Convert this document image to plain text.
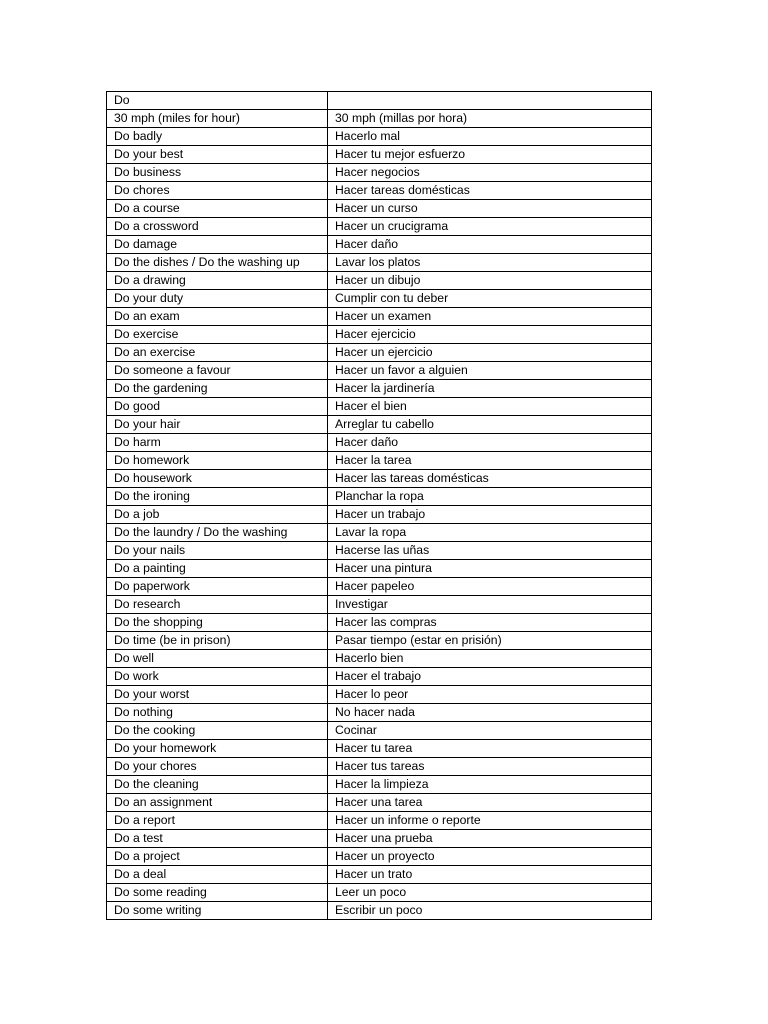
Do	
30 mph (miles for hour)	30 mph (millas por hora)
Do badly	Hacerlo mal
Do your best	Hacer tu mejor esfuerzo
Do business	Hacer negocios
Do chores	Hacer tareas domésticas
Do a course	Hacer un curso
Do a crossword	Hacer un crucigrama
Do damage	Hacer daño
Do the dishes / Do the washing up	Lavar los platos
Do a drawing	Hacer un dibujo
Do your duty	Cumplir con tu deber
Do an exam	Hacer un examen
Do exercise	Hacer ejercicio
Do an exercise	Hacer un ejercicio
Do someone a favour	Hacer un favor a alguien
Do the gardening	Hacer la jardinería
Do good	Hacer el bien
Do your hair	Arreglar tu cabello
Do harm	Hacer daño
Do homework	Hacer la tarea
Do housework	Hacer las tareas domésticas
Do the ironing	Planchar la ropa
Do a job	Hacer un trabajo
Do the laundry / Do the washing	Lavar la ropa
Do your nails	Hacerse las uñas
Do a painting	Hacer una pintura
Do paperwork	Hacer papeleo
Do research	Investigar
Do the shopping	Hacer las compras
Do time (be in prison)	Pasar tiempo (estar en prisión)
Do well	Hacerlo bien
Do work	Hacer el trabajo
Do your worst	Hacer lo peor
Do nothing	No hacer nada
Do the cooking	Cocinar
Do your homework	Hacer tu tarea
Do your chores	Hacer tus tareas
Do the cleaning	Hacer la limpieza
Do an assignment	Hacer una tarea
Do a report	Hacer un informe o reporte
Do a test	Hacer una prueba
Do a project	Hacer un proyecto
Do a deal	Hacer un trato
Do some reading	Leer un poco
Do some writing	Escribir un poco
